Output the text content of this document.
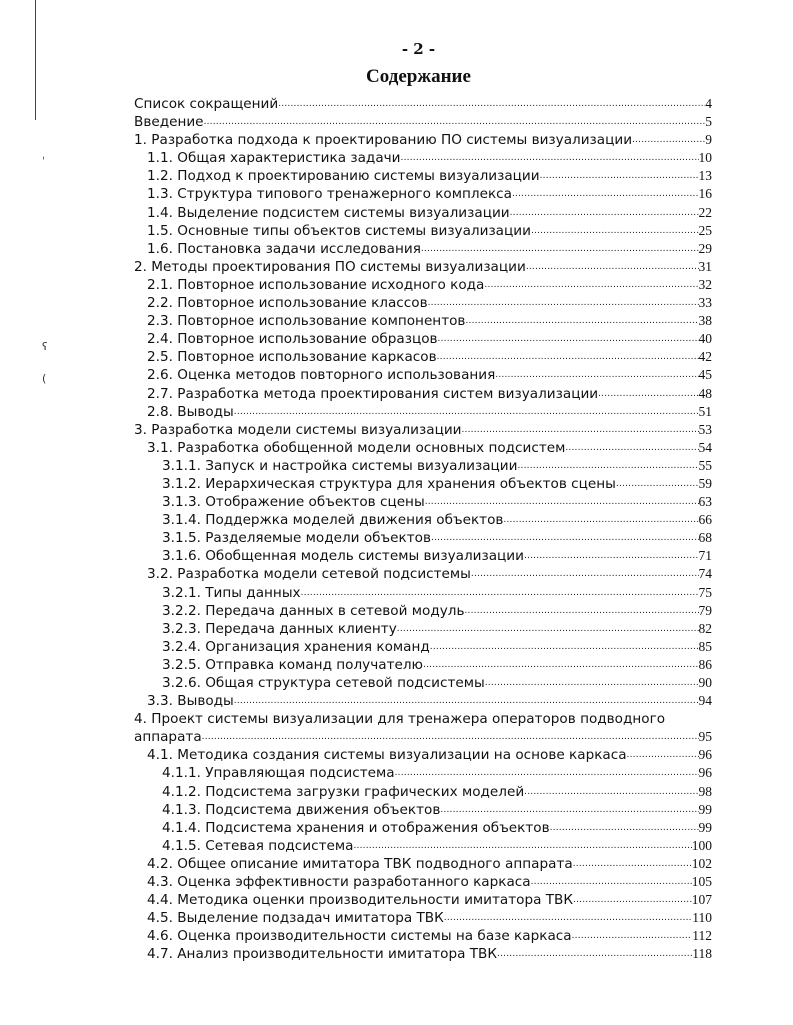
ˌ
ʕ
(
- 2 -
Содержание
Список сокращений .....	4
Введение .....	5
1. Разработка подхода к проектированию ПО системы визуализации .....	9
1.1. Общая характеристика задачи .....	10
1.2. Подход к проектированию системы визуализации .....	13
1.3. Структура типового тренажерного комплекса .....	16
1.4. Выделение подсистем системы визуализации .....	22
1.5. Основные типы объектов системы визуализации .....	25
1.6. Постановка задачи исследования .....	29
2. Методы проектирования ПО системы визуализации .....	31
2.1. Повторное использование исходного кода .....	32
2.2. Повторное использование классов .....	33
2.3. Повторное использование компонентов .....	38
2.4. Повторное использование образцов .....	40
2.5. Повторное использование каркасов .....	42
2.6. Оценка методов повторного использования .....	45
2.7. Разработка метода проектирования систем визуализации .....	48
2.8. Выводы .....	51
3. Разработка модели системы визуализации .....	53
3.1. Разработка обобщенной модели основных подсистем .....	54
3.1.1. Запуск и настройка системы визуализации .....	55
3.1.2. Иерархическая структура для хранения объектов сцены .....	59
3.1.3. Отображение объектов сцены .....	63
3.1.4. Поддержка моделей движения объектов .....	66
3.1.5. Разделяемые модели объектов .....	68
3.1.6. Обобщенная модель системы визуализации .....	71
3.2. Разработка модели сетевой подсистемы .....	74
3.2.1. Типы данных .....	75
3.2.2. Передача данных в сетевой модуль .....	79
3.2.3. Передача данных клиенту .....	82
3.2.4. Организация хранения команд .....	85
3.2.5. Отправка команд получателю .....	86
3.2.6. Общая структура сетевой подсистемы .....	90
3.3. Выводы .....	94
4. Проект системы визуализации для тренажера операторов подводного
аппарата .....	95
4.1. Методика создания системы визуализации на основе каркаса .....	96
4.1.1. Управляющая подсистема .....	96
4.1.2. Подсистема загрузки графических моделей .....	98
4.1.3. Подсистема движения объектов .....	99
4.1.4. Подсистема хранения и отображения объектов .....	99
4.1.5. Сетевая подсистема .....	100
4.2. Общее описание имитатора ТВК подводного аппарата .....	102
4.3. Оценка эффективности разработанного каркаса .....	105
4.4. Методика оценки производительности имитатора ТВК .....	107
4.5. Выделение подзадач имитатора ТВК .....	110
4.6. Оценка производительности системы на базе каркаса .....	112
4.7. Анализ производительности имитатора ТВК .....	118
